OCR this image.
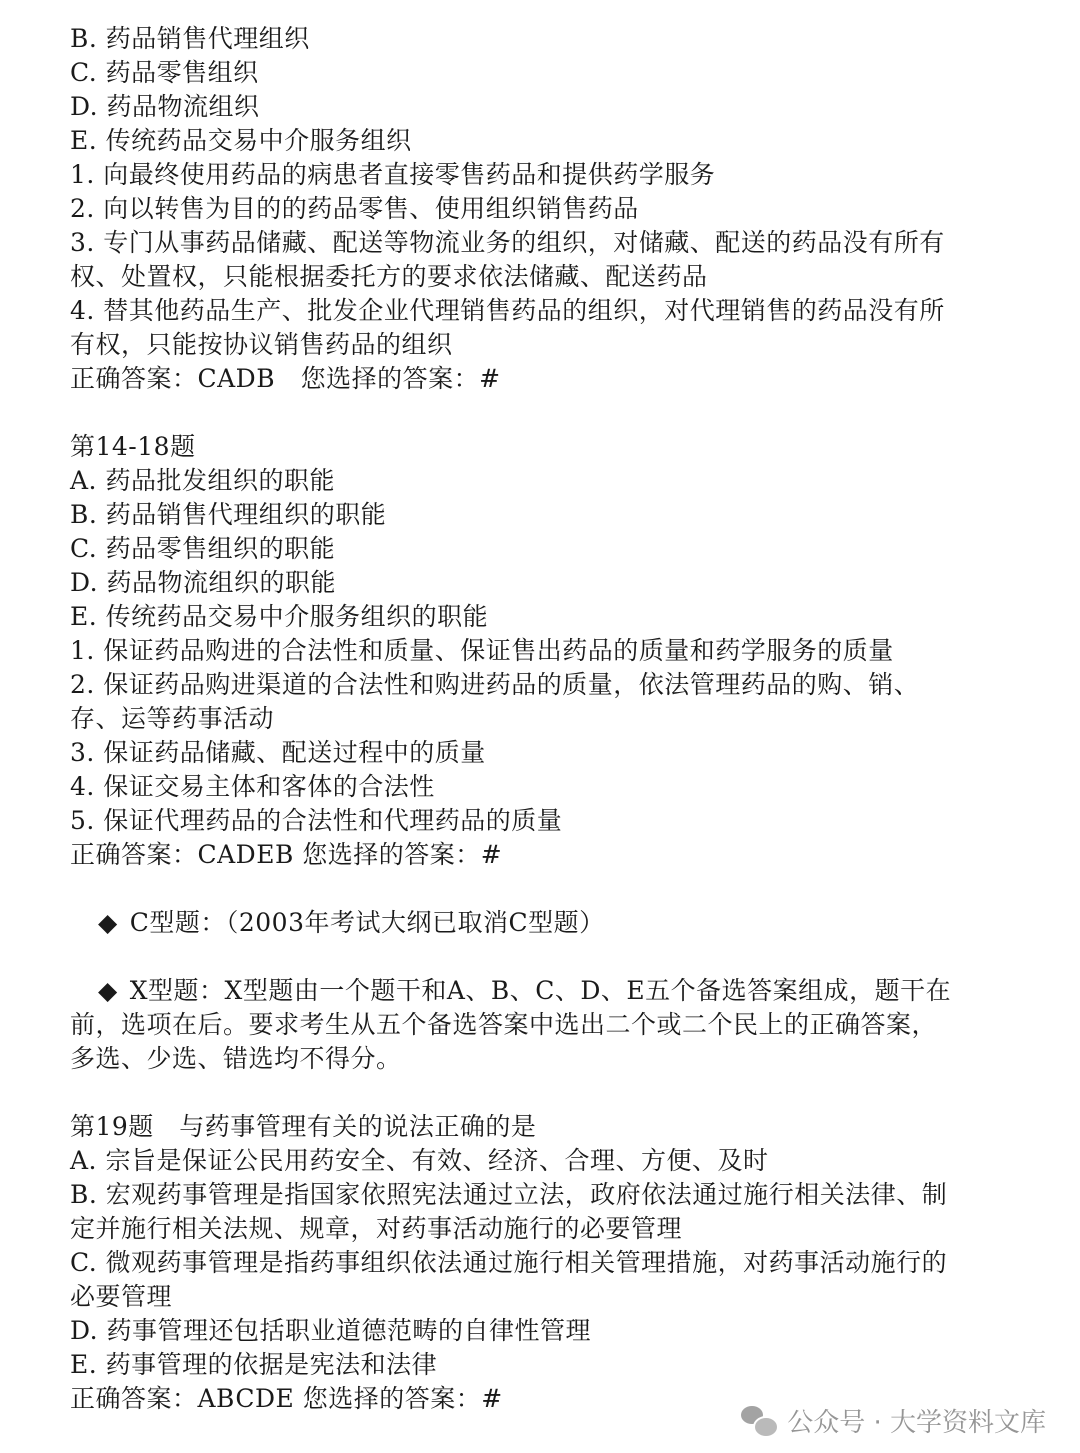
B. 药品销售代理组织
C. 药品零售组织
D. 药品物流组织
E. 传统药品交易中介服务组织
1. 向最终使用药品的病患者直接零售药品和提供药学服务
2. 向以转售为目的的药品零售、使用组织销售药品
3. 专门从事药品储藏、配送等物流业务的组织，对储藏、配送的药品没有所有
权、处置权，只能根据委托方的要求依法储藏、配送药品
4. 替其他药品生产、批发企业代理销售药品的组织，对代理销售的药品没有所
有权，只能按协议销售药品的组织
正确答案：CADB　您选择的答案：#
第14-18题
A. 药品批发组织的职能
B. 药品销售代理组织的职能
C. 药品零售组织的职能
D. 药品物流组织的职能
E. 传统药品交易中介服务组织的职能
1. 保证药品购进的合法性和质量、保证售出药品的质量和药学服务的质量
2. 保证药品购进渠道的合法性和购进药品的质量，依法管理药品的购、销、
存、运等药事活动
3. 保证药品储藏、配送过程中的质量
4. 保证交易主体和客体的合法性
5. 保证代理药品的合法性和代理药品的质量
正确答案：CADEB 您选择的答案：#
◆ C型题：（2003年考试大纲已取消C型题）
◆ X型题：X型题由一个题干和A、B、C、D、E五个备选答案组成，题干在
前，选项在后。要求考生从五个备选答案中选出二个或二个民上的正确答案，
多选、少选、错选均不得分。
第19题　与药事管理有关的说法正确的是
A. 宗旨是保证公民用药安全、有效、经济、合理、方便、及时
B. 宏观药事管理是指国家依照宪法通过立法，政府依法通过施行相关法律、制
定并施行相关法规、规章，对药事活动施行的必要管理
C. 微观药事管理是指药事组织依法通过施行相关管理措施，对药事活动施行的
必要管理
D. 药事管理还包括职业道德范畴的自律性管理
E. 药事管理的依据是宪法和法律
正确答案：ABCDE 您选择的答案：#
公众号 · 大学资料文库
